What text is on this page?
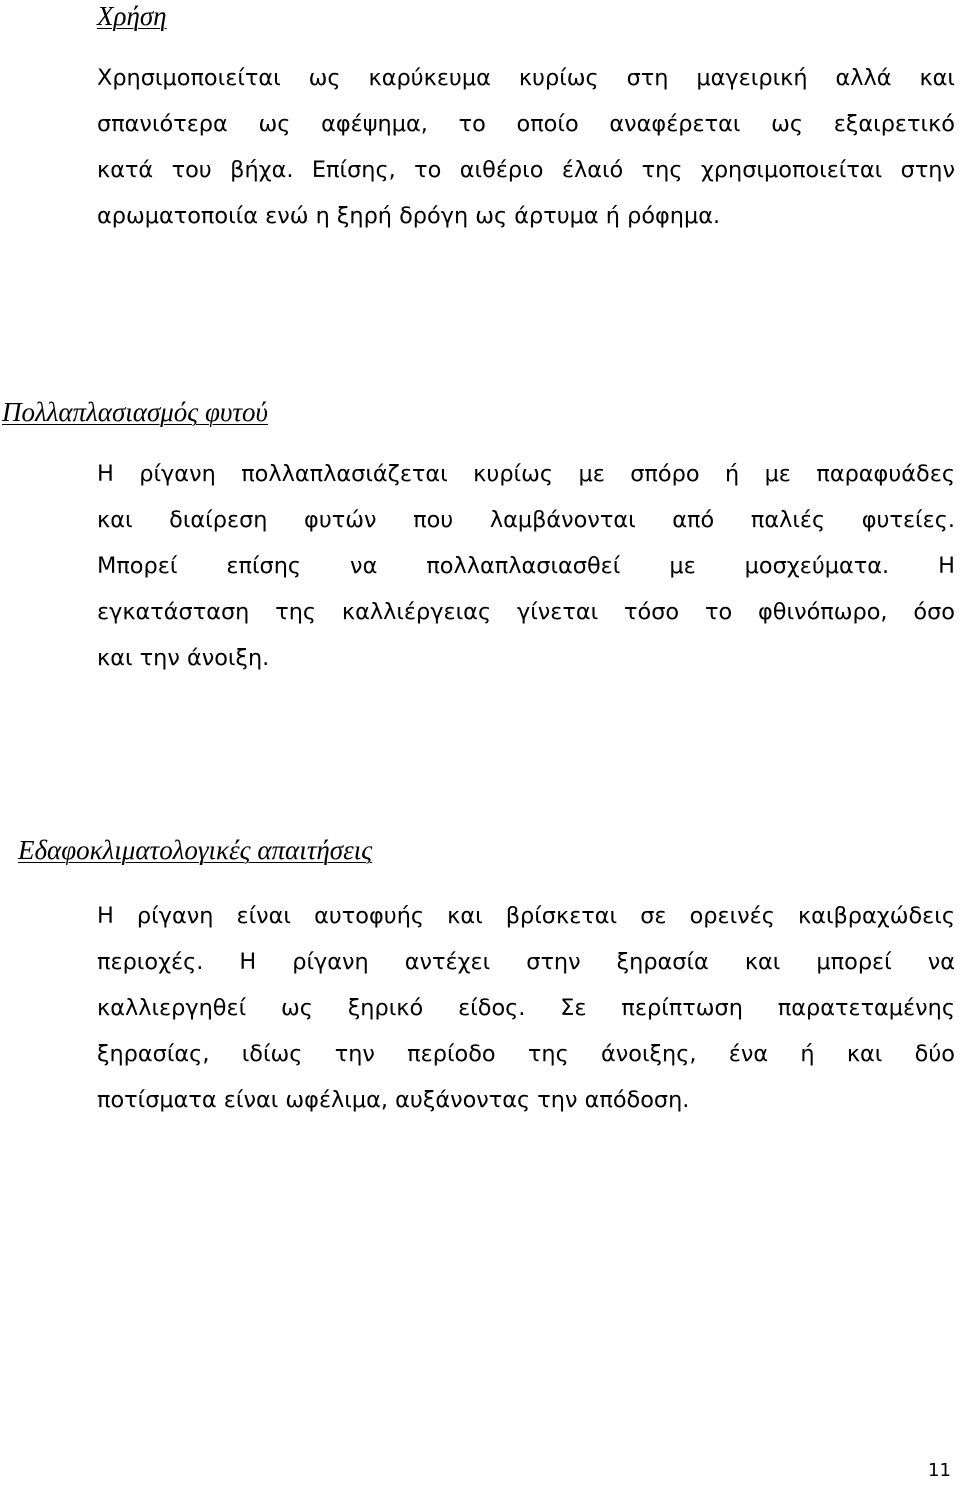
Χρήση
Χρησιμοποιείται ως καρύκευμα κυρίως στη μαγειρική αλλά και
σπανιότερα ως αφέψημα, το οποίο αναφέρεται ως εξαιρετικό
κατά του βήχα. Επίσης, το αιθέριο έλαιό της χρησιμοποιείται στην
αρωματοποιία ενώ η ξηρή δρόγη ως άρτυμα ή ρόφημα.
Πολλαπλασιασμός φυτού
Η ρίγανη πολλαπλασιάζεται κυρίως με σπόρο ή με παραφυάδες
και διαίρεση φυτών που λαμβάνονται από παλιές φυτείες.
Μπορεί επίσης να πολλαπλασιασθεί με μοσχεύματα. Η
εγκατάσταση της καλλιέργειας γίνεται τόσο το φθινόπωρο, όσο
και την άνοιξη.
Εδαφοκλιματολογικές απαιτήσεις
Η ρίγανη είναι αυτοφυής και βρίσκεται σε ορεινές καιβραχώδεις
περιοχές. Η ρίγανη αντέχει στην ξηρασία και μπορεί να
καλλιεργηθεί ως ξηρικό είδος. Σε περίπτωση παρατεταμένης
ξηρασίας, ιδίως την περίοδο της άνοιξης, ένα ή και δύο
ποτίσματα είναι ωφέλιμα, αυξάνοντας την απόδοση.
11
